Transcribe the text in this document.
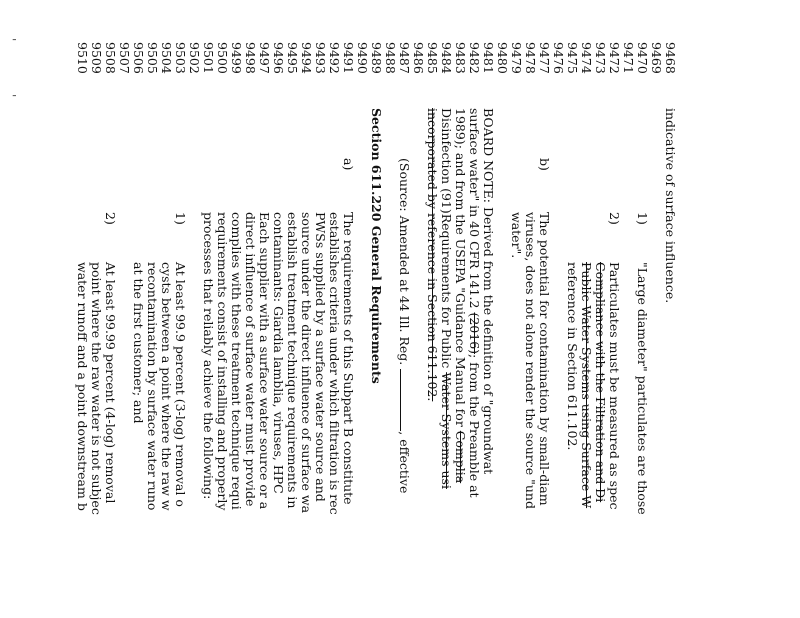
'
'
9468
9469
9470
9471
9472
9473
9474
9475
9476
9477
9478
9479
9480
9481
9482
9483
9484
9485
9486
9487
9488
9489
9490
9491
9492
9493
9494
9495
9496
9497
9498
9499
9500
9501
9502
9503
9504
9505
9506
9507
9508
9509
9510
indicative of surface influence.
1)
"Large diameter" particulates are those
2)
Particulates must be measured as spec
Compliance with the Filtration and Di
Public Water Systems using Surface W
reference in Section 611.102.
b)
The potential for contamination by small-diam
viruses, does not alone render the source "und
water".
BOARD NOTE: Derived from the definition of "groundwat
surface water" in 40 CFR 141.2 (2016); from the Preamble at
1989); and from the USEPA "Guidance Manual for Complia
Disinfection (91)Requirements for Public Water Systems usi
incorporated by reference in Section 611.102.
(Source: Amended at 44 Ill. Reg. , effective
Section 611.220 General Requirements
a)
The requirements of this Subpart B constitute
establishes criteria under which filtration is rec
PWSs supplied by a surface water source and
source under the direct influence of surface wa
establish treatment technique requirements in
contaminants: Giardia lamblia, viruses, HPC
Each supplier with a surface water source or a
direct influence of surface water must provide
complies with these treatment technique requi
requirements consist of installing and properly
processes that reliably achieve the following:
1)
At least 99.9 percent (3-log) removal o
cysts between a point where the raw w
recontamination by surface water runo
at the first customer; and
2)
At least 99.99 percent (4-log) removal
point where the raw water is not subjec
water runoff and a point downstream b
